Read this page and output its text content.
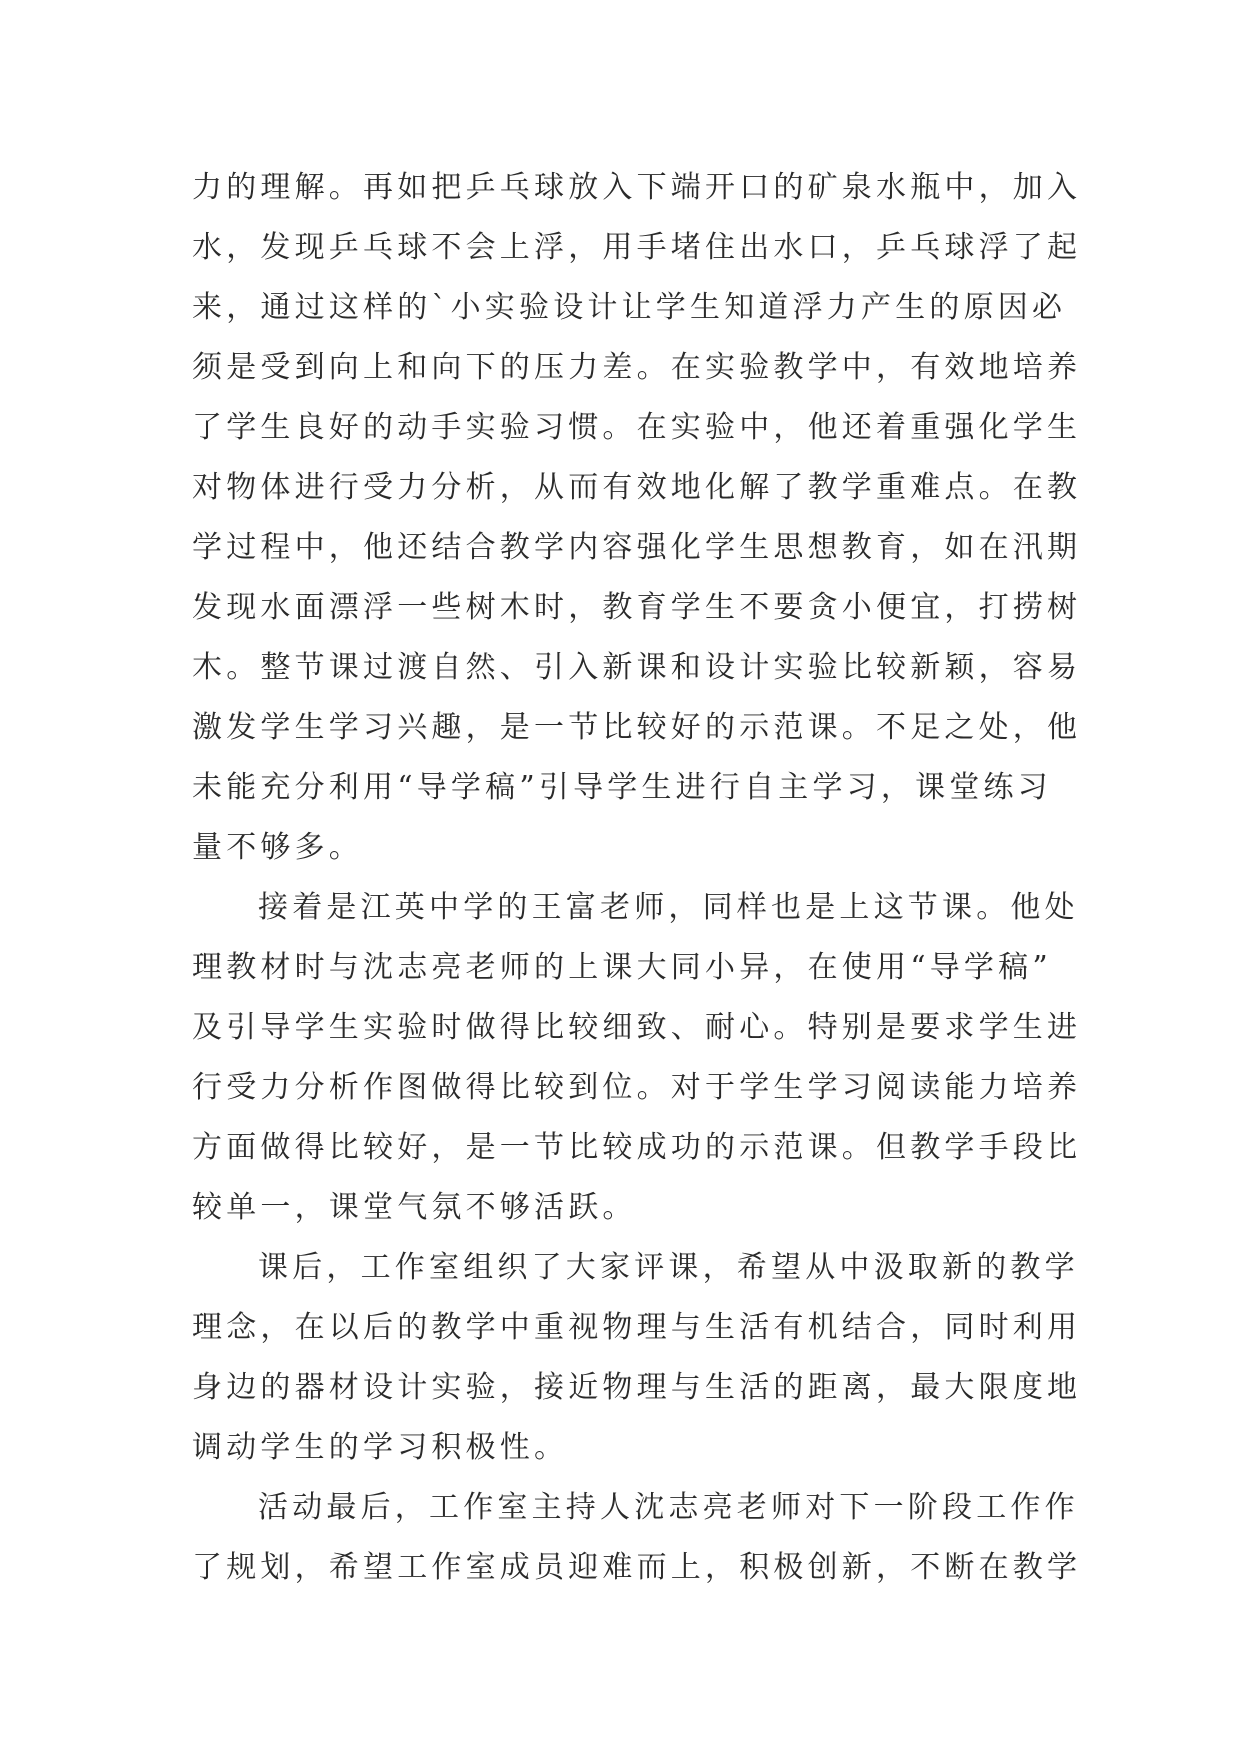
力的理解。再如把乒乓球放入下端开口的矿泉水瓶中，加入
水，发现乒乓球不会上浮，用手堵住出水口，乒乓球浮了起
来，通过这样的`小实验设计让学生知道浮力产生的原因必
须是受到向上和向下的压力差。在实验教学中，有效地培养
了学生良好的动手实验习惯。在实验中，他还着重强化学生
对物体进行受力分析，从而有效地化解了教学重难点。在教
学过程中，他还结合教学内容强化学生思想教育，如在汛期
发现水面漂浮一些树木时，教育学生不要贪小便宜，打捞树
木。整节课过渡自然、引入新课和设计实验比较新颖，容易
激发学生学习兴趣，是一节比较好的示范课。不足之处，他
未能充分利用“导学稿”引导学生进行自主学习，课堂练习
量不够多。
接着是江英中学的王富老师，同样也是上这节课。他处
理教材时与沈志亮老师的上课大同小异，在使用“导学稿”
及引导学生实验时做得比较细致、耐心。特别是要求学生进
行受力分析作图做得比较到位。对于学生学习阅读能力培养
方面做得比较好，是一节比较成功的示范课。但教学手段比
较单一，课堂气氛不够活跃。
课后，工作室组织了大家评课，希望从中汲取新的教学
理念，在以后的教学中重视物理与生活有机结合，同时利用
身边的器材设计实验，接近物理与生活的距离，最大限度地
调动学生的学习积极性。
活动最后，工作室主持人沈志亮老师对下一阶段工作作
了规划，希望工作室成员迎难而上，积极创新，不断在教学
